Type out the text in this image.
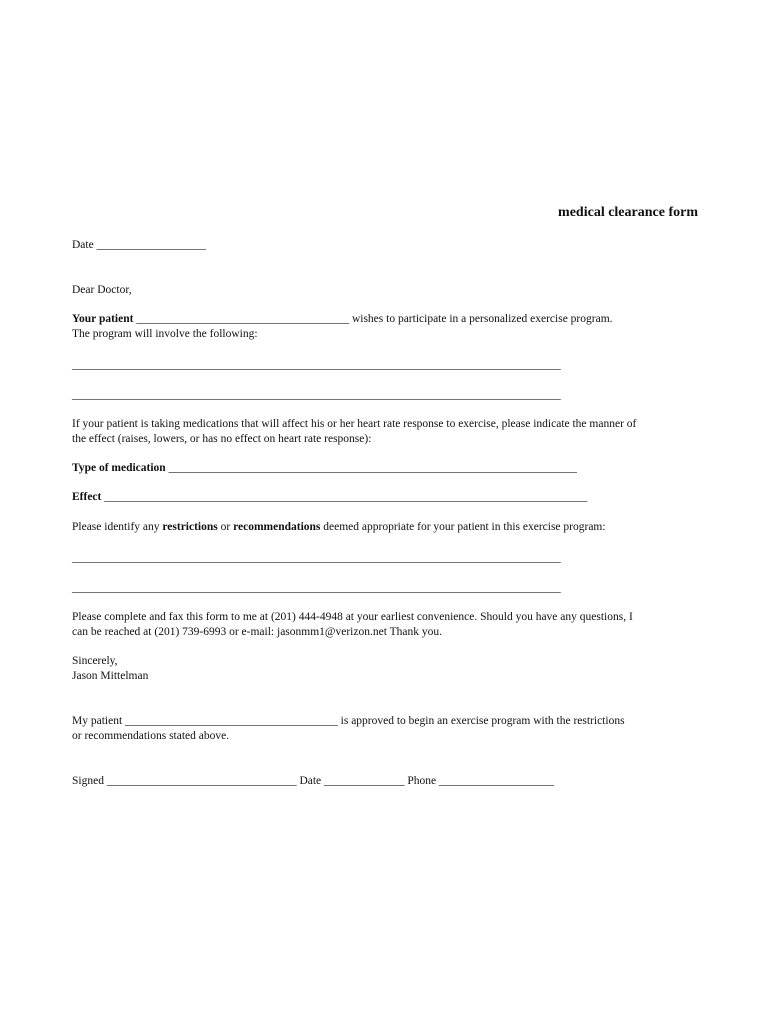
medical clearance form
Date ___________________
Dear Doctor,
Your patient _____________________________________ wishes to participate in a personalized exercise program.
The program will involve the following:
_____________________________________________________________________________________
_____________________________________________________________________________________
If your patient is taking medications that will affect his or her heart rate response to exercise, please indicate the manner of
the effect (raises, lowers, or has no effect on heart rate response):
Type of medication _______________________________________________________________________
Effect ____________________________________________________________________________________
Please identify any restrictions or recommendations deemed appropriate for your patient in this exercise program:
_____________________________________________________________________________________
_____________________________________________________________________________________
Please complete and fax this form to me at (201) 444-4948 at your earliest convenience. Should you have any questions, I
can be reached at (201) 739-6993 or e-mail: jasonmm1@verizon.net Thank you.
Sincerely,
Jason Mittelman
My patient _____________________________________ is approved to begin an exercise program with the restrictions
or recommendations stated above.
Signed _________________________________ Date ______________ Phone ____________________
